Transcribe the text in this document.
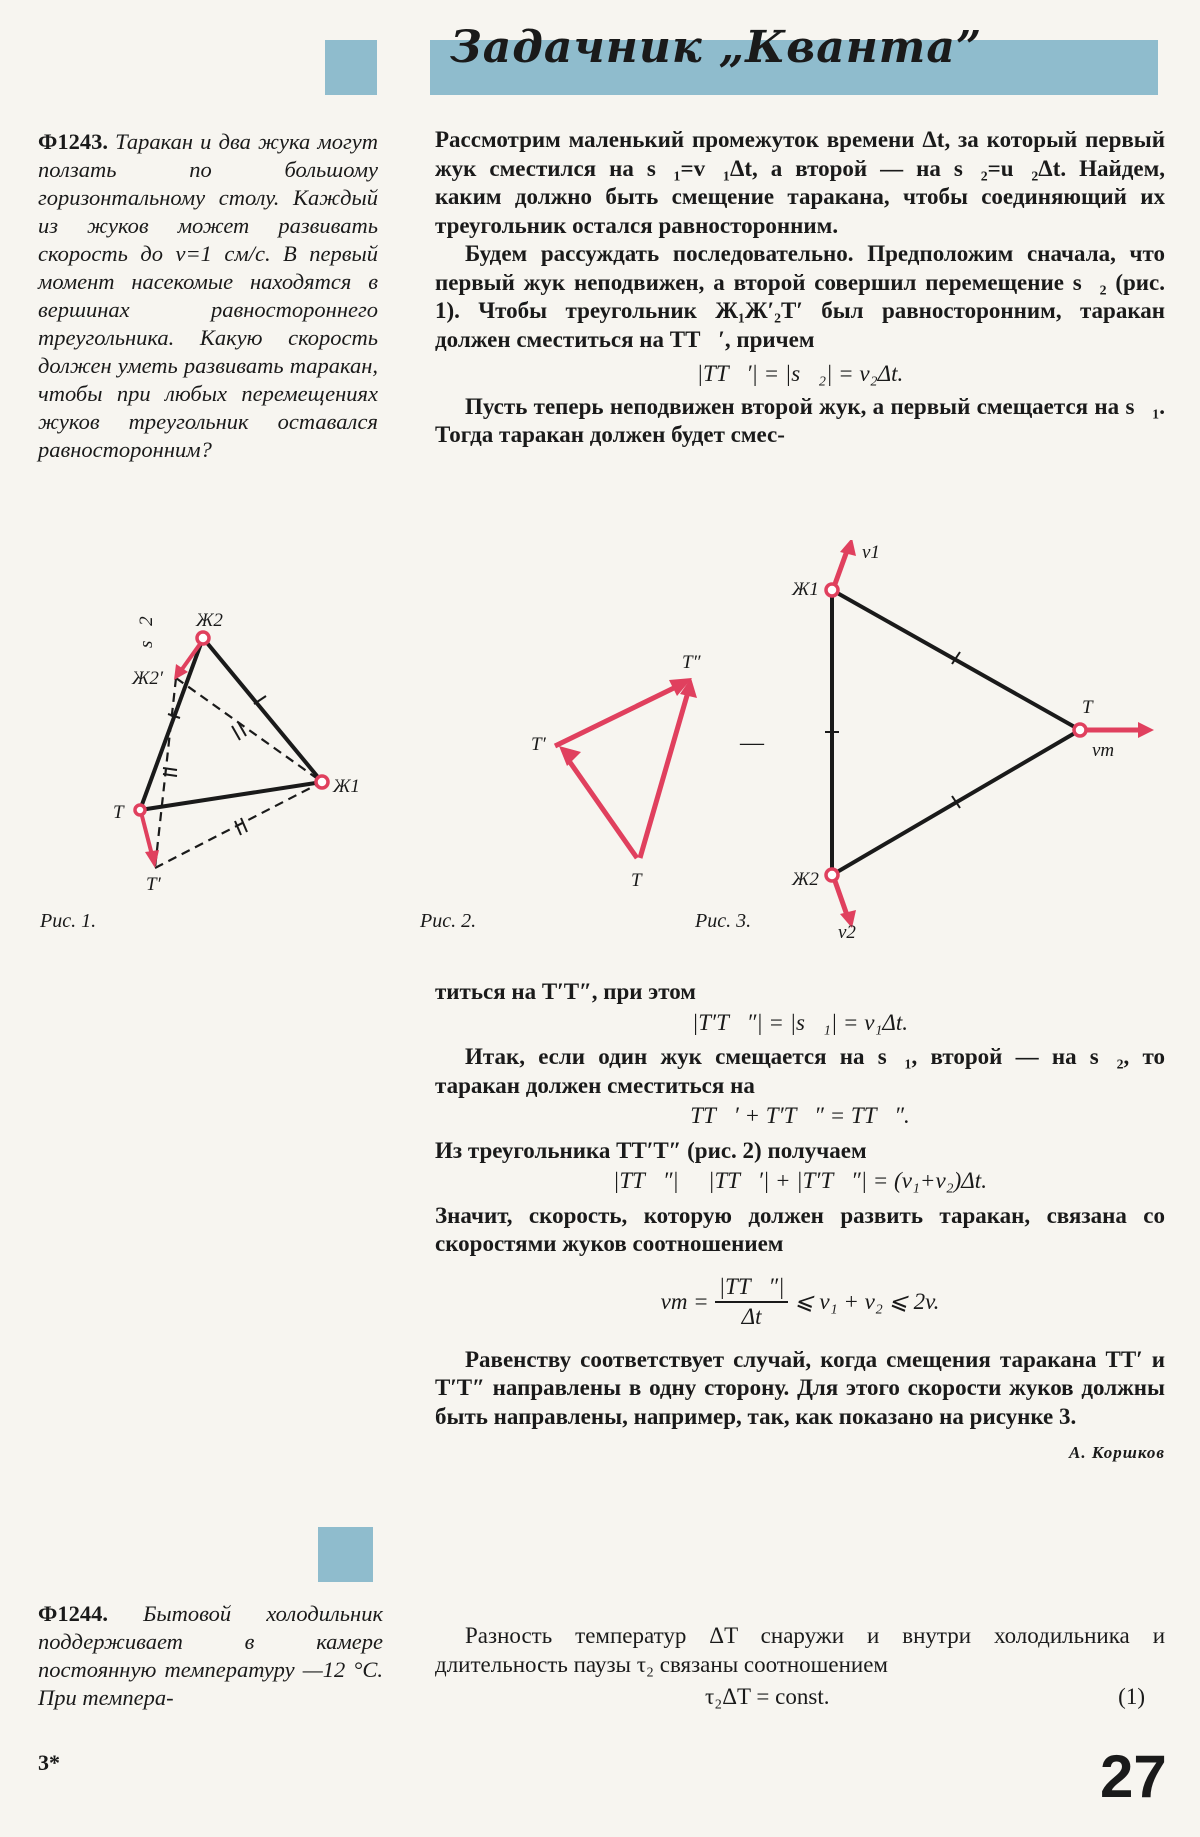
Задачник „Кванта”
Ф1243. Таракан и два жука могут ползать по большому горизонтальному столу. Каждый из жуков может развивать скорость до v=1 см/с. В первый момент насекомые находятся в вершинах равностороннего треугольника. Какую скорость должен уметь развивать таракан, чтобы при любых перемещениях жуков треугольник оставался равносторонним?

Рассмотрим маленький промежуток времени Δt, за который первый жук сместился на s⃗₁=v⃗₁Δt, а второй — на s⃗₂=u⃗₂Δt. Найдем, каким должно быть смещение таракана, чтобы соединяющий их треугольник остался равносторонним.

Будем рассуждать последовательно. Предположим сначала, что первый жук неподвижен, а второй совершил перемещение s⃗₂ (рис. 1). Чтобы треугольник Ж₁Ж′₂T′ был равносторонним, таракан должен сместиться на TT⃗′, причем

|TT⃗′| = |s⃗₂| = v₂Δt.

Пусть теперь неподвижен второй жук, а первый смещается на s⃗₁. Тогда таракан должен будет смес-

Ж2
s⃗2
Ж2′
Ж1
T
T′
T″
T′
T
—
v1
Ж1
T
vт
Ж2
v2
Рис. 1.	Рис. 2.	Рис. 3.

титься на T′T″, при этом

|T′T⃗″| = |s⃗₁| = v₁Δt.

Итак, если один жук смещается на s⃗₁, второй — на s⃗₂, то таракан должен сместиться на

TT⃗′ + T′T⃗″ = TT⃗″.

Из треугольника TT′T″ (рис. 2) получаем

|TT⃗″| ⩽ |TT⃗′| + |T′T⃗″| = (v₁+v₂)Δt.

Значит, скорость, которую должен развить таракан, связана со скоростями жуков соотношением

vт = $\frac{|TT⃗''|}{\Delta t}$ ⩽ v₁ + v₂ ⩽ 2v.

Равенству соответствует случай, когда смещения таракана TT′ и T′T″ направлены в одну сторону. Для этого скорости жуков должны быть направлены, например, так, как показано на рисунке 3.

А. Коршков

Ф1244. Бытовой холодильник поддерживает в камере постоянную температуру —12 °С. При темпера-

Разность температур ΔT снаружи и внутри холодильника и длительность паузы τ₂ связаны соотношением

τ₂ΔT = const.	(1)
3*	27
